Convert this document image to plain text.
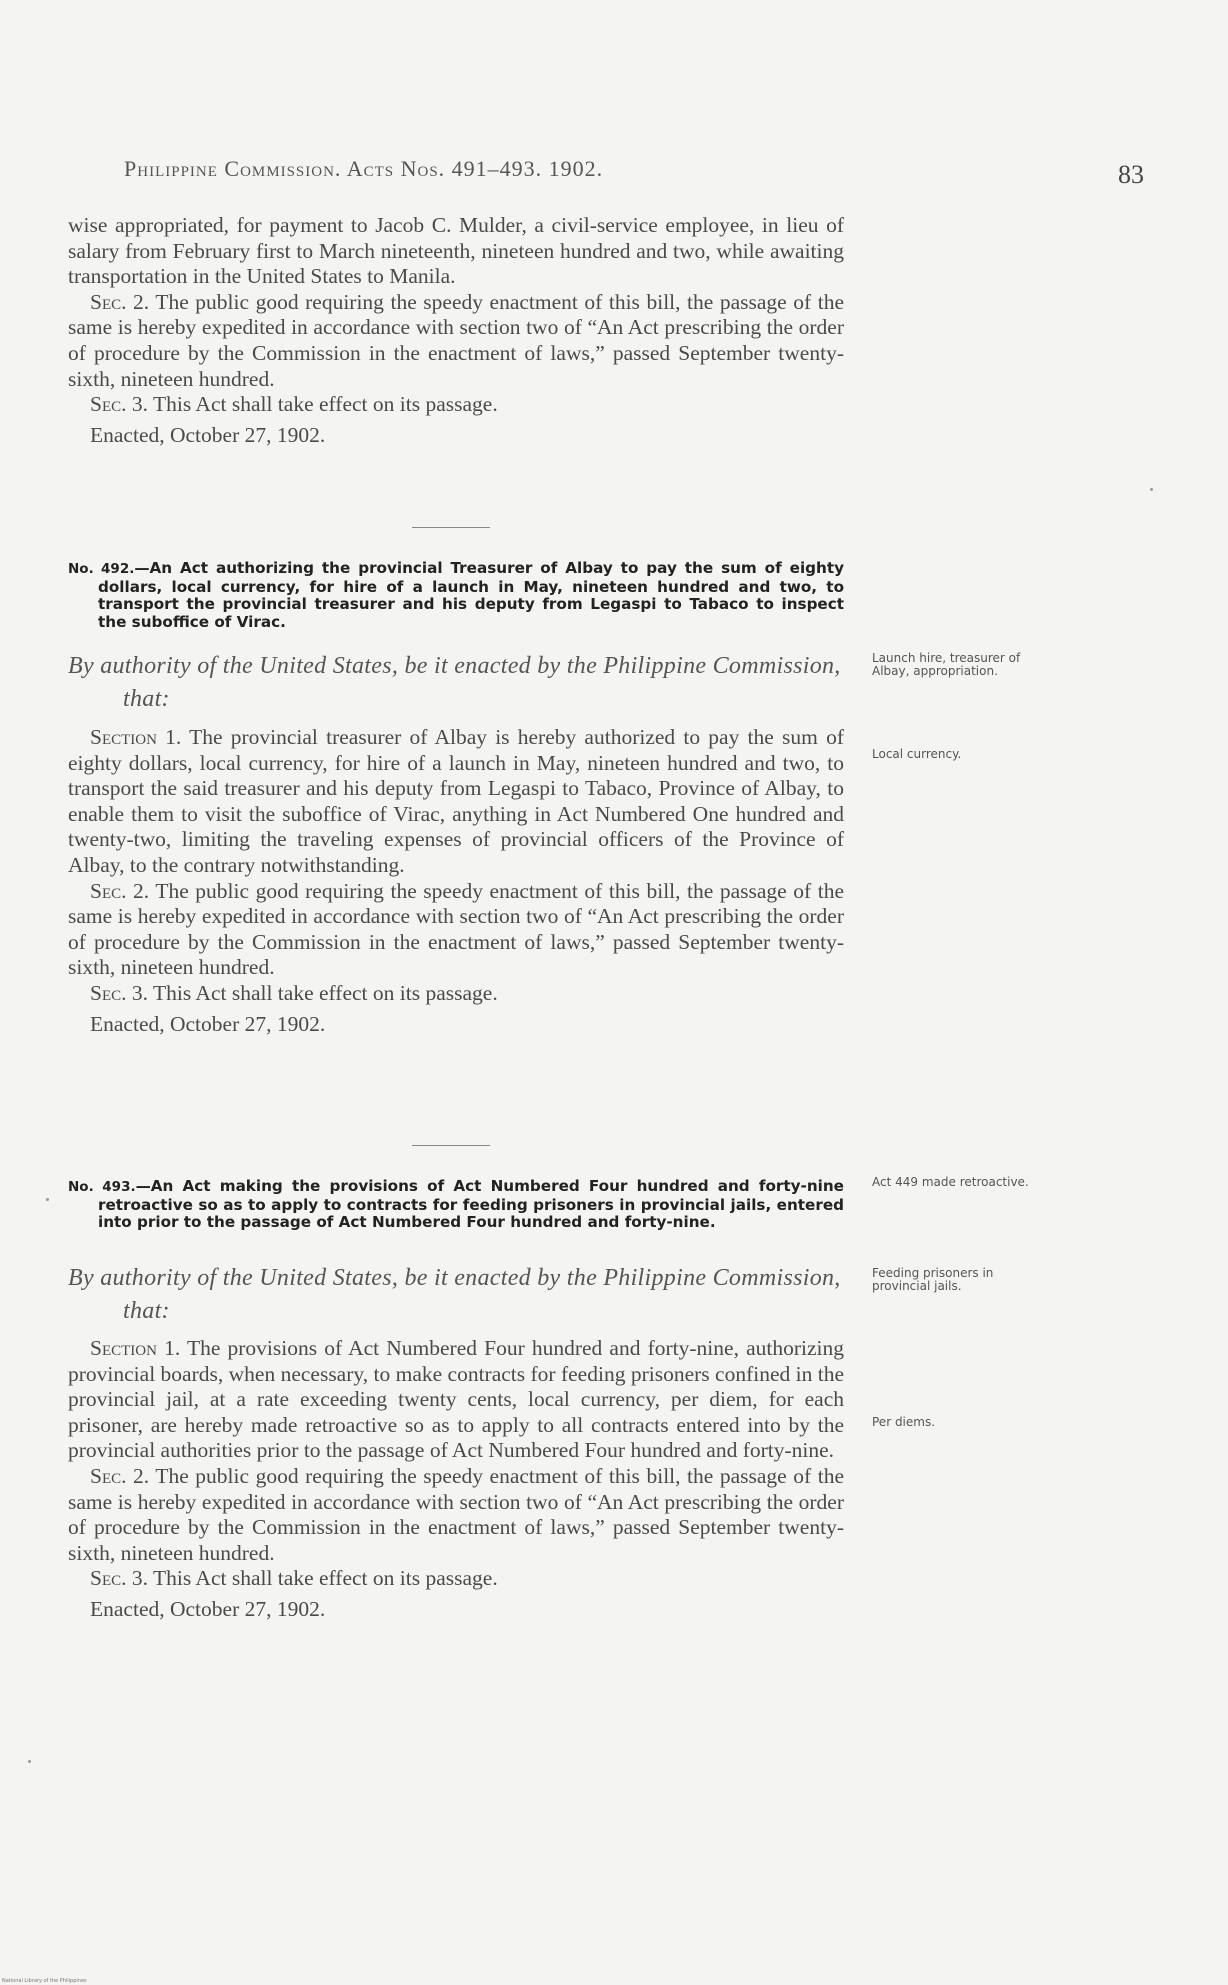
Philippine Commission. Acts Nos. 491–493. 1902.	83

wise appropriated, for payment to Jacob C. Mulder, a civil-service employee, in lieu of salary from February first to March nineteenth, nineteen hundred and two, while awaiting transportation in the United States to Manila.

Sec. 2. The public good requiring the speedy enactment of this bill, the passage of the same is hereby expedited in accordance with section two of “An Act prescribing the order of procedure by the Commission in the enactment of laws,” passed September twenty-sixth, nineteen hundred.

Sec. 3. This Act shall take effect on its passage.

Enacted, October 27, 1902.

No. 492.—An Act authorizing the provincial Treasurer of Albay to pay the sum of eighty dollars, local currency, for hire of a launch in May, nineteen hundred and two, to transport the provincial treasurer and his deputy from Legaspi to Tabaco to inspect the suboffice of Virac.

By authority of the United States, be it enacted by the Philippine Commission, that:

Section 1. The provincial treasurer of Albay is hereby authorized to pay the sum of eighty dollars, local currency, for hire of a launch in May, nineteen hundred and two, to transport the said treasurer and his deputy from Legaspi to Tabaco, Province of Albay, to enable them to visit the suboffice of Virac, anything in Act Numbered One hundred and twenty-two, limiting the traveling expenses of provincial officers of the Province of Albay, to the contrary notwithstanding.

Sec. 2. The public good requiring the speedy enactment of this bill, the passage of the same is hereby expedited in accordance with section two of “An Act prescribing the order of procedure by the Commission in the enactment of laws,” passed September twenty-sixth, nineteen hundred.

Sec. 3. This Act shall take effect on its passage.

Enacted, October 27, 1902.

Launch hire, treasurer of Albay, appropriation.
Local currency.

No. 493.—An Act making the provisions of Act Numbered Four hundred and forty-nine retroactive so as to apply to contracts for feeding prisoners in provincial jails, entered into prior to the passage of Act Numbered Four hundred and forty-nine.

By authority of the United States, be it enacted by the Philippine Commission, that:

Section 1. The provisions of Act Numbered Four hundred and forty-nine, authorizing provincial boards, when necessary, to make contracts for feeding prisoners confined in the provincial jail, at a rate exceeding twenty cents, local currency, per diem, for each prisoner, are hereby made retroactive so as to apply to all contracts entered into by the provincial authorities prior to the passage of Act Numbered Four hundred and forty-nine.

Sec. 2. The public good requiring the speedy enactment of this bill, the passage of the same is hereby expedited in accordance with section two of “An Act prescribing the order of procedure by the Commission in the enactment of laws,” passed September twenty-sixth, nineteen hundred.

Sec. 3. This Act shall take effect on its passage.

Enacted, October 27, 1902.

Act 449 made retroactive.
Feeding prisoners in provincial jails.
Per diems.
National Library of the Philippines
